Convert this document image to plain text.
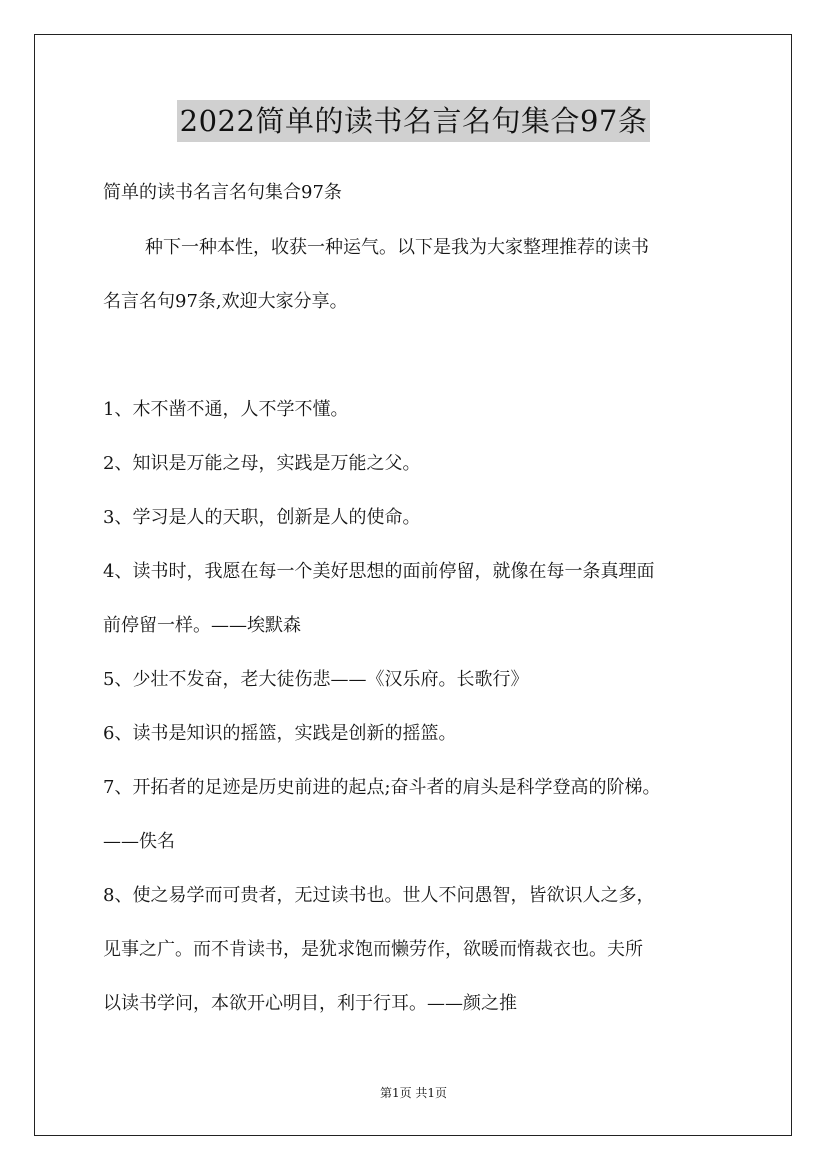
2022简单的读书名言名句集合97条
简单的读书名言名句集合97条
种下一种本性，收获一种运气。以下是我为大家整理推荐的读书
名言名句97条,欢迎大家分享。
1、木不凿不通，人不学不懂。
2、知识是万能之母，实践是万能之父。
3、学习是人的天职，创新是人的使命。
4、读书时，我愿在每一个美好思想的面前停留，就像在每一条真理面
前停留一样。——埃默森
5、少壮不发奋，老大徒伤悲——《汉乐府。长歌行》
6、读书是知识的摇篮，实践是创新的摇篮。
7、开拓者的足迹是历史前进的起点;奋斗者的肩头是科学登高的阶梯。
——佚名
8、使之易学而可贵者，无过读书也。世人不问愚智，皆欲识人之多，
见事之广。而不肯读书，是犹求饱而懒劳作，欲暖而惰裁衣也。夫所
以读书学问，本欲开心明目，利于行耳。——颜之推
第1页 共1页
